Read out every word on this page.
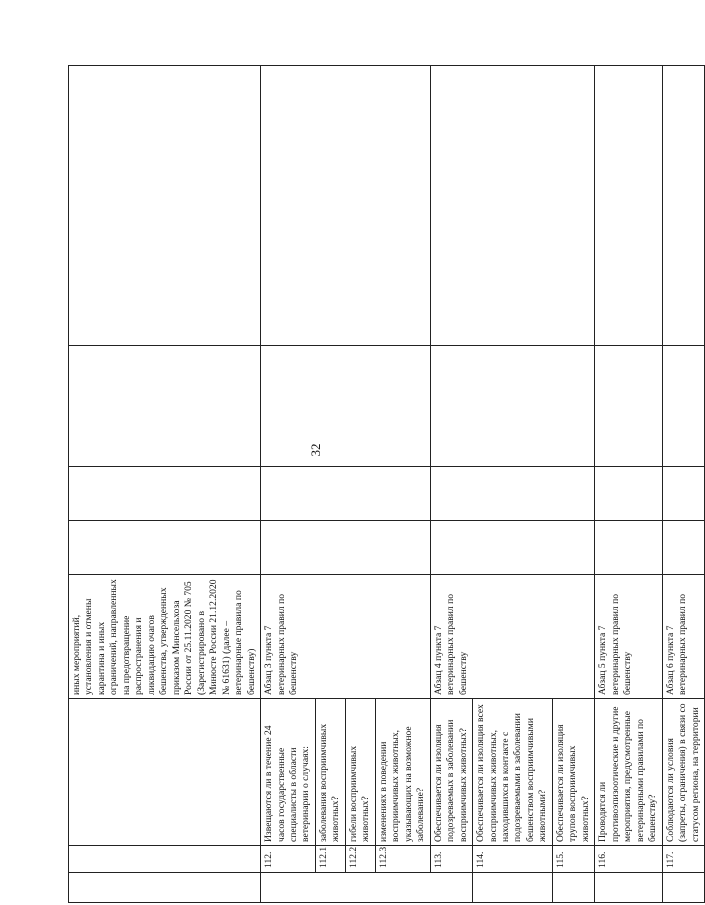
32
			иных мероприятий, установления и отмены карантина и иных ограничений, направленных на предотвращение распространения и ликвидацию очагов бешенства, утвержденных приказом Минсельхоза России от 25.11.2020 № 705 (Зарегистрировано в Минюсте России 21.12.2020 № 61631) (далее – ветеринарные правила по бешенству)				
	112.	Извещаются ли в течение 24 часов государственные специалисты в области ветеринарии о случаях:	Абзац 3 пункта 7 ветеринарных правил по бешенству				
	112.1	заболевания восприимчивых животных?					
	112.2	гибели восприимчивых животных?					
	112.3	изменениях в поведении восприимчивых животных, указывающих на возможное заболевание?					
	113.	Обеспечивается ли изоляция подозреваемых в заболевании восприимчивых животных?	Абзац 4 пункта 7 ветеринарных правил по бешенству				
	114.	Обеспечивается ли изоляция всех восприимчивых животных, находившихся в контакте с подозреваемыми в заболевании бешенством восприимчивыми животными?					
	115.	Обеспечивается ли изоляция трупов восприимчивых животных?					
	116.	Проводятся ли противоэпизоотические и другие мероприятия, предусмотренные ветеринарными правилами по бешенству?	Абзац 5 пункта 7 ветеринарных правил по бешенству				
	117.	Соблюдаются ли условия (запреты, ограничения) в связи со статусом региона, на территории	Абзац 6 пункта 7 ветеринарных правил по				
